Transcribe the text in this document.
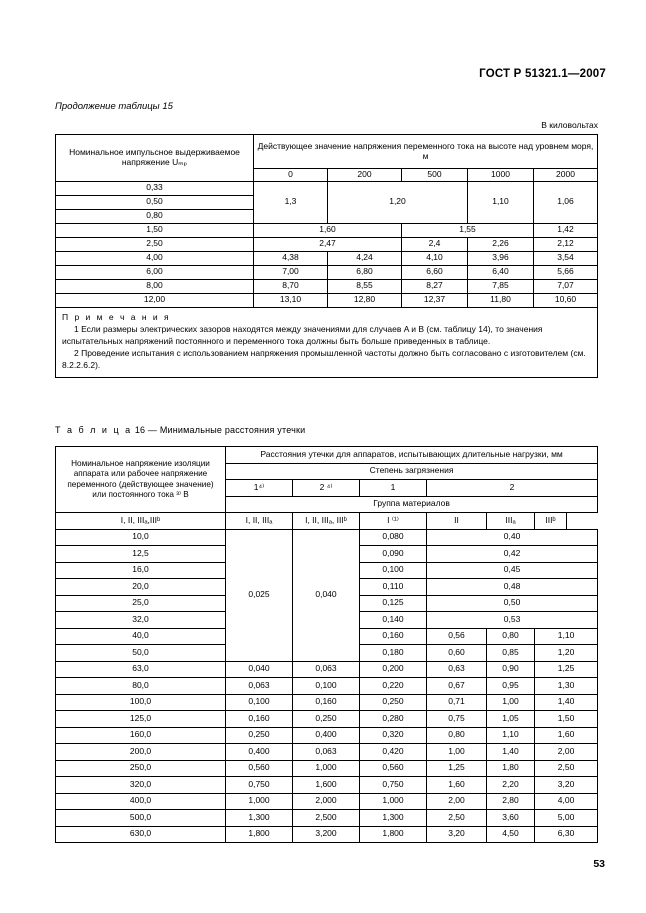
ГОСТ Р 51321.1—2007
Продолжение таблицы 15
В киловольтах
Номинальное импульсное выдерживаемое напряжение Uₘₚ	Действующее значение напряжения переменного тока на высоте над уровнем моря, м				
	0	200	500	1000	2000
0,33	1,3	1,20		1,10	1,06
0,50					
0,80					
1,50	1,60		1,55		1,42
2,50	2,47		2,4	2,26	2,12
4,00	4,38	4,24	4,10	3,96	3,54
6,00	7,00	6,80	6,60	6,40	5,66
8,00	8,70	8,55	8,27	7,85	7,07
12,00	13,10	12,80	12,37	11,80	10,60

П р и м е ч а н и я
1 Если размеры электрических зазоров находятся между значениями для случаев A и B (см. таблицу 14), то значения испытательных напряжений постоянного и переменного тока должны быть больше приведенных в таблице.
2 Проведение испытания с использованием напряжения промышленной частоты должно быть согласовано с изготовителем (см. 8.2.2.6.2).					
Т а б л и ц а 16 — Минимальные расстояния утечки
Номинальное напряжение изоляции аппарата или рабочее напряжение переменного (действующее значение) или постоянного тока ³⁾ В	Расстояния утечки для аппаратов, испытывающих длительные нагрузки, мм					
	Степень загрязнения					
	1⁴⁾	2 ⁴⁾	1	2		
	Группа материалов					
I, II, IIIₐ,IIIᵇ	I, II, IIIₐ	I, II, IIIₐ, IIIᵇ	I ⁽¹⁾	II	IIIₐ	IIIᵇ
10,0	0,025	0,040	0,080	0,40		
12,5			0,090	0,42		
16,0			0,100	0,45		
20,0			0,110	0,48		
25,0			0,125	0,50		
32,0			0,140	0,53		
40,0			0,160	0,56	0,80	1,10
50,0			0,180	0,60	0,85	1,20
63,0	0,040	0,063	0,200	0,63	0,90	1,25
80,0	0,063	0,100	0,220	0,67	0,95	1,30
100,0	0,100	0,160	0,250	0,71	1,00	1,40
125,0	0,160	0,250	0,280	0,75	1,05	1,50
160,0	0,250	0,400	0,320	0,80	1,10	1,60
200,0	0,400	0,063	0,420	1,00	1,40	2,00
250,0	0,560	1,000	0,560	1,25	1,80	2,50
320,0	0,750	1,600	0,750	1,60	2,20	3,20
400,0	1,000	2,000	1,000	2,00	2,80	4,00
500,0	1,300	2,500	1,300	2,50	3,60	5,00
630,0	1,800	3,200	1,800	3,20	4,50	6,30
53
